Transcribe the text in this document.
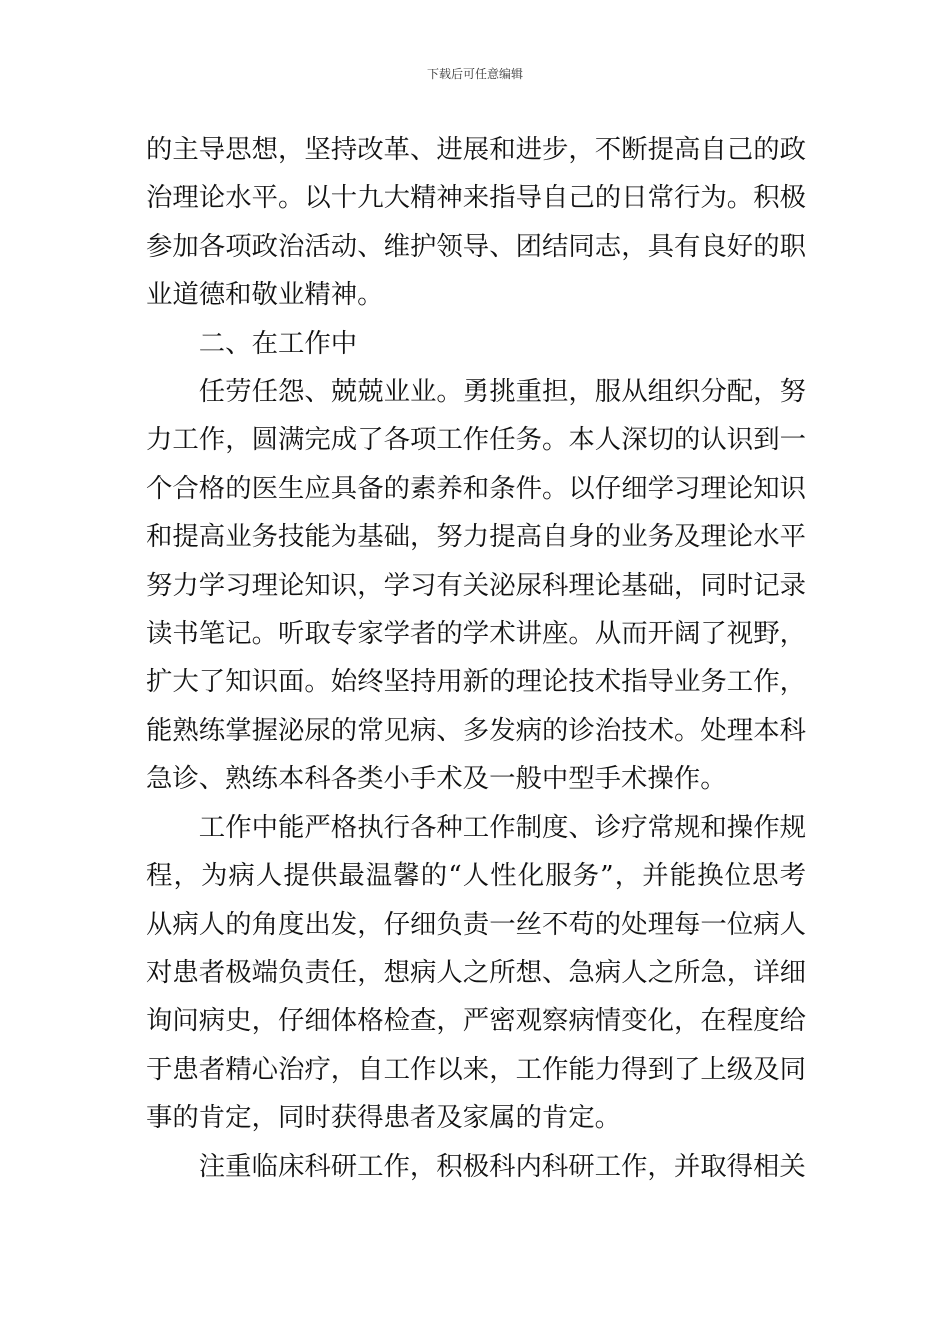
下载后可任意编辑

的主导思想，坚持改革、进展和进步，不断提高自己的政治理论水平。以十九大精神来指导自己的日常行为。积极参加各项政治活动、维护领导、团结同志，具有良好的职业道德和敬业精神。

二、在工作中

任劳任怨、兢兢业业。勇挑重担，服从组织分配，努力工作，圆满完成了各项工作任务。本人深切的认识到一个合格的医生应具备的素养和条件。以仔细学习理论知识和提高业务技能为基础，努力提高自身的业务及理论水平努力学习理论知识，学习有关泌尿科理论基础，同时记录读书笔记。听取专家学者的学术讲座。从而开阔了视野，扩大了知识面。始终坚持用新的理论技术指导业务工作，能熟练掌握泌尿的常见病、多发病的诊治技术。处理本科急诊、熟练本科各类小手术及一般中型手术操作。

工作中能严格执行各种工作制度、诊疗常规和操作规程，为病人提供最温馨的“人性化服务”，并能换位思考从病人的角度出发，仔细负责一丝不苟的处理每一位病人对患者极端负责任，想病人之所想、急病人之所急，详细询问病史，仔细体格检查，严密观察病情变化，在程度给于患者精心治疗，自工作以来，工作能力得到了上级及同事的肯定，同时获得患者及家属的肯定。

注重临床科研工作，积极科内科研工作，并取得相关
